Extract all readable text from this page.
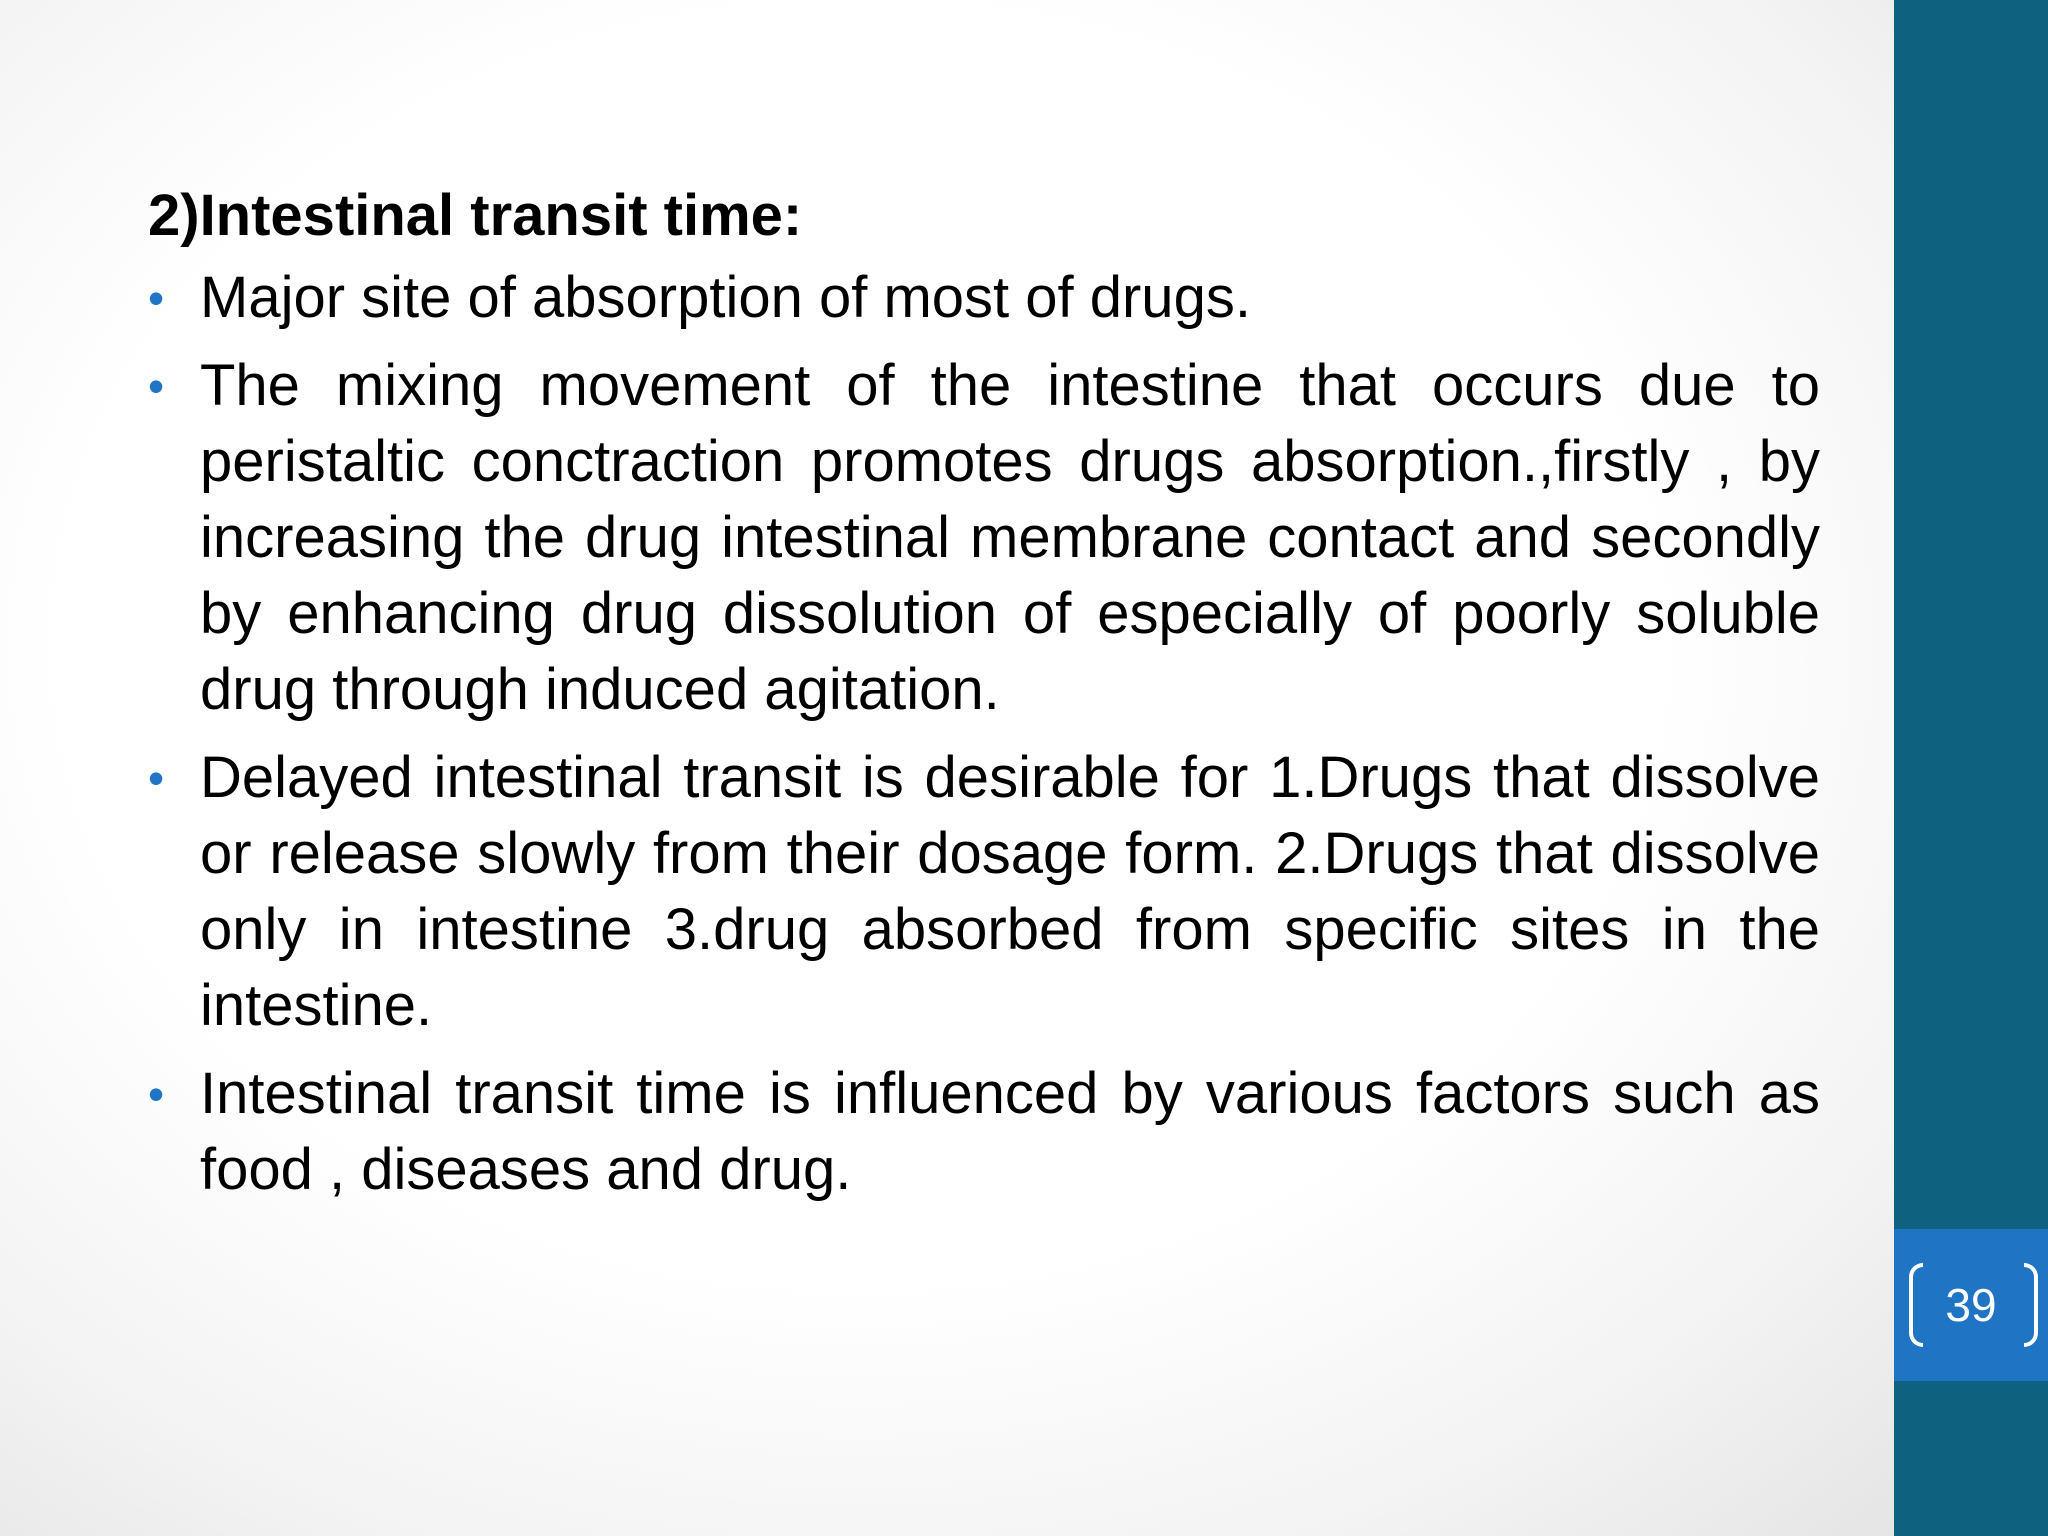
39
2)Intestinal transit time:
• Major site of absorption of most of drugs.
• The mixing movement of the intestine that occurs due to peristaltic conctraction promotes drugs absorption.,firstly , by increasing the drug intestinal membrane contact and secondly by enhancing drug dissolution of especially of poorly soluble drug through induced agitation.
• Delayed intestinal transit is desirable for 1.Drugs that dissolve or release slowly from their dosage form. 2.Drugs that dissolve only in intestine 3.drug absorbed from specific sites in the intestine.
• Intestinal transit time is influenced by various factors such as food , diseases and drug.
